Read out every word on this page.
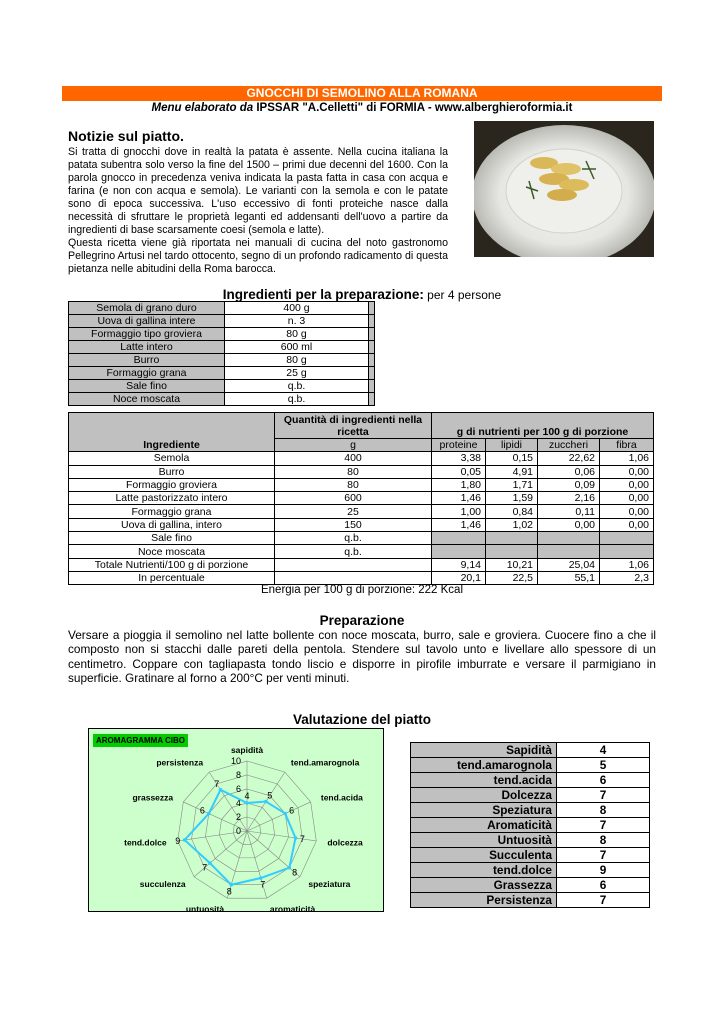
GNOCCHI DI SEMOLINO ALLA ROMANA
Menu elaborato da IPSSAR "A.Celletti" di FORMIA - www.alberghieroformia.it
Notizie sul piatto.
Si tratta di gnocchi dove in realtà la patata è assente. Nella cucina italiana la patata subentra solo verso la fine del 1500 – primi due decenni del 1600. Con la parola gnocco in precedenza veniva indicata la pasta fatta in casa con acqua e farina (e non con acqua e semola). Le varianti con la semola e con le patate sono di epoca successiva. L'uso eccessivo di fonti proteiche nasce dalla necessità di sfruttare le proprietà leganti ed addensanti dell'uovo a partire da ingredienti di base scarsamente coesi (semola e latte).
Questa ricetta viene già riportata nei manuali di cucina del noto gastronomo Pellegrino Artusi nel tardo ottocento, segno di un profondo radicamento di questa pietanza nelle abitudini della Roma barocca.
Ingredienti per la preparazione: per 4 persone
Semola di grano duro	400 g	
Uova di gallina intere	n. 3	
Formaggio tipo groviera	80 g	
Latte intero	600 ml	
Burro	80 g	
Formaggio grana	25 g	
Sale fino	q.b.	
Noce moscata	q.b.	
Ingrediente	Quantità di ingredienti nella ricetta	g di nutrienti per 100 g di porzione			
	g	proteine	lipidi	zuccheri	fibra
Semola	400	3,38	0,15	22,62	1,06
Burro	80	0,05	4,91	0,06	0,00
Formaggio groviera	80	1,80	1,71	0,09	0,00
Latte pastorizzato intero	600	1,46	1,59	2,16	0,00
Formaggio grana	25	1,00	0,84	0,11	0,00
Uova di gallina, intero	150	1,46	1,02	0,00	0,00
Sale fino	q.b.				
Noce moscata	q.b.				
Totale Nutrienti/100 g di porzione		9,14	10,21	25,04	1,06
In percentuale		20,1	22,5	55,1	2,3
Energia per 100 g di porzione: 222 Kcal
Preparazione
Versare a pioggia il semolino nel latte bollente con noce moscata, burro, sale e groviera. Cuocere fino a che il composto non si stacchi dalle pareti della pentola. Stendere sul tavolo unto e livellare allo spessore di un centimetro. Coppare con tagliapasta tondo liscio e disporre in pirofile imburrate e versare il parmigiano in superficie. Gratinare al forno a 200°C per venti minuti.
Valutazione del piatto
0
2
4
6
8
10
4 5
6
7
8
7
8
7
9
6
7
sapidità
tend.amarognola
tend.acida
dolcezza
speziatura
aromaticità
untuosità
succulenza
tend.dolce
grassezza
persistenza
AROMAGRAMMA CIBO
Sapidità	4
tend.amarognola	5
tend.acida	6
Dolcezza	7
Speziatura	8
Aromaticità	7
Untuosità	8
Succulenta	7
tend.dolce	9
Grassezza	6
Persistenza	7
